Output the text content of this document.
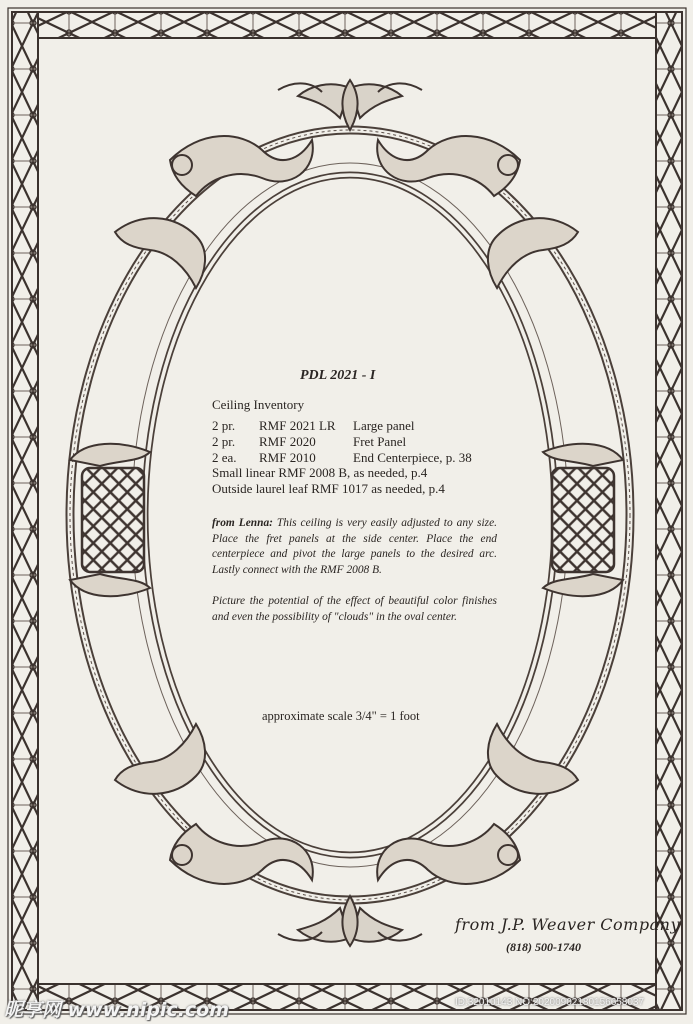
PDL 2021 - I
Ceiling Inventory
2 pr. RMF 2021 LR Large panel
2 pr. RMF 2020	Fret Panel
2 ea. RMF 2010	End Centerpiece, p. 38
Small linear RMF 2008 B, as needed, p.4
Outside laurel leaf RMF 1017 as needed, p.4
from Lenna: This ceiling is very easily adjusted to any size. Place the fret panels at the side center. Place the end centerpiece and pivot the large panels to the desired arc. Lastly connect with the RMF 2008 B.
Picture the potential of the effect of beautiful color finishes and even the possibility of "clouds" in the oval center.
approximate scale 3/4" = 1 foot
from J.P. Weaver Company
(818) 500-1740
昵享网 www.nipic.com	ID:32010143 NO:20200902180156658037
